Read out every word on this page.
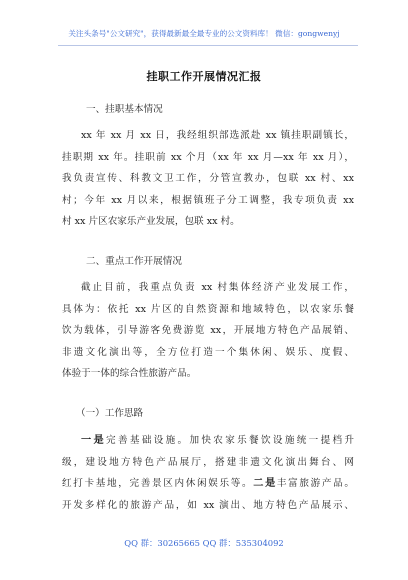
关注头条号"公文研究"，获得最新最全最专业的公文资料库！ 微信：gongwenyj
挂职工作开展情况汇报
一、挂职基本情况
xx 年 xx 月 xx 日，我经组织部选派赴 xx 镇挂职副镇长，
挂职期 xx 年。挂职前 xx 个月（xx 年 xx 月—xx 年 xx 月），
我负责宣传、科教文卫工作，分管宣教办，包联 xx 村、xx
村；今年 xx 月以来，根据镇班子分工调整，我专项负责 xx
村 xx 片区农家乐产业发展，包联 xx 村。
二、重点工作开展情况
截止目前，我重点负责 xx 村集体经济产业发展工作，
具体为：依托 xx 片区的自然资源和地域特色，以农家乐餐
饮为载体，引导游客免费游览 xx，开展地方特色产品展销、
非遗文化演出等，全方位打造一个集休闲、娱乐、度假、
体验于一体的综合性旅游产品。
（一）工作思路
一是完善基础设施。加快农家乐餐饮设施统一提档升
级，建设地方特色产品展厅，搭建非遗文化演出舞台、网
红打卡基地，完善景区内休闲娱乐等。二是丰富旅游产品。
开发多样化的旅游产品，如 xx 演出、地方特色产品展示、
QQ 群：30265665 QQ 群：535304092
